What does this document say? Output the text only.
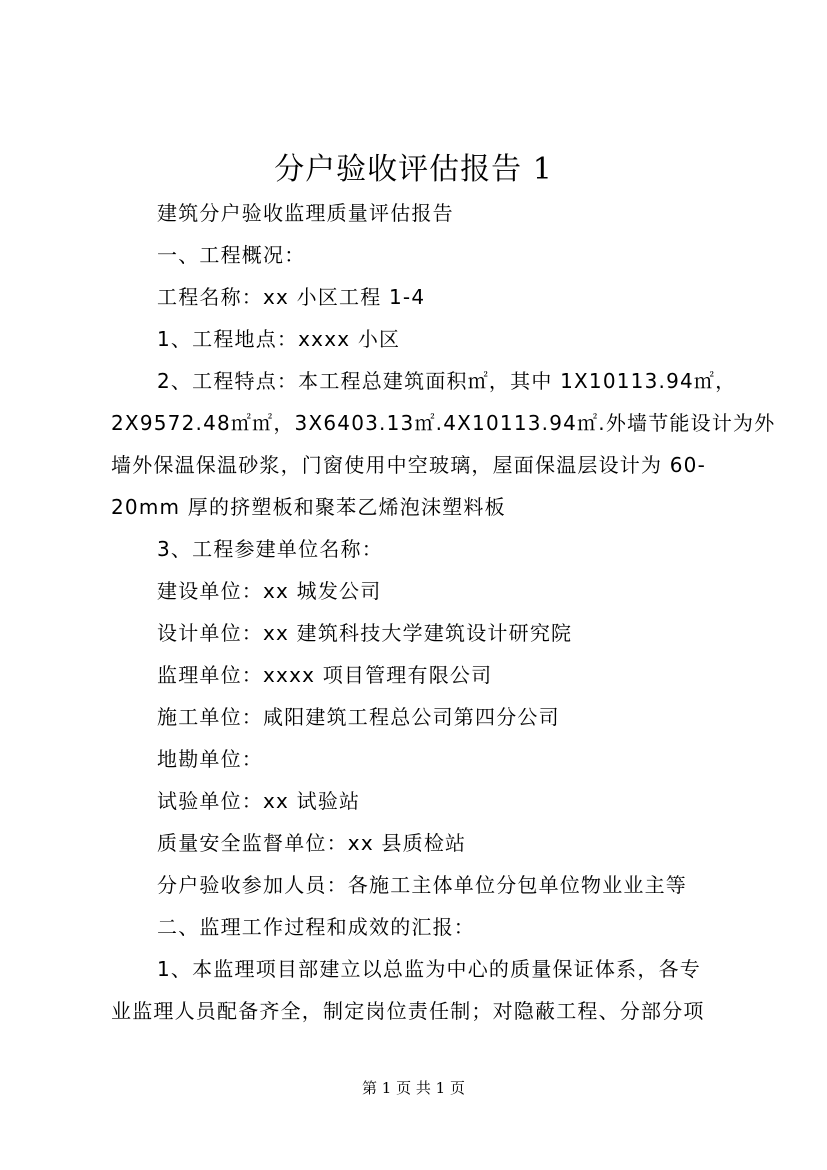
分户验收评估报告 1
建筑分户验收监理质量评估报告
一、工程概况：
工程名称：xx 小区工程 1-4
1、工程地点：xxxx 小区
2、工程特点：本工程总建筑面积㎡，其中 1X10113.94㎡，
2X9572.48㎡㎡，3X6403.13㎡.4X10113.94㎡.外墙节能设计为外
墙外保温保温砂浆，门窗使用中空玻璃，屋面保温层设计为 60-
20mm 厚的挤塑板和聚苯乙烯泡沫塑料板
3、工程参建单位名称：
建设单位：xx 城发公司
设计单位：xx 建筑科技大学建筑设计研究院
监理单位：xxxx 项目管理有限公司
施工单位：咸阳建筑工程总公司第四分公司
地勘单位：
试验单位：xx 试验站
质量安全监督单位：xx 县质检站
分户验收参加人员：各施工主体单位分包单位物业业主等
二、监理工作过程和成效的汇报：
1、本监理项目部建立以总监为中心的质量保证体系，各专
业监理人员配备齐全，制定岗位责任制；对隐蔽工程、分部分项
第 1 页 共 1 页
